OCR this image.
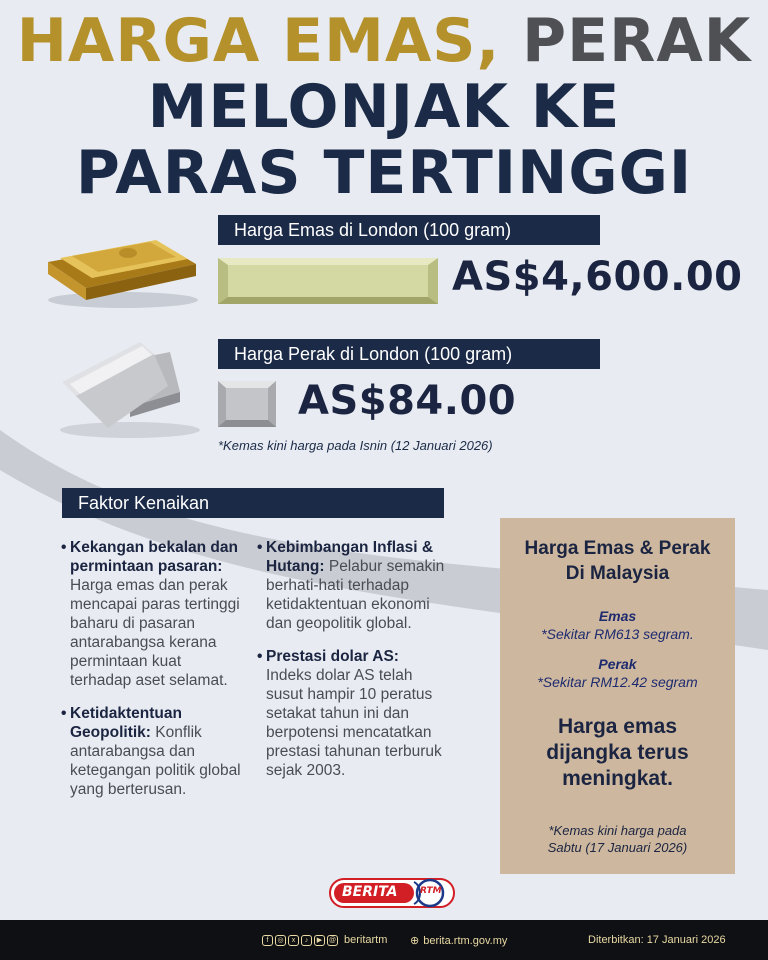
HARGA EMAS, PERAK
MELONJAK KE
PARAS TERTINGGI
Harga Emas di London (100 gram)
AS$4,600.00
Harga Perak di London (100 gram)
AS$84.00
*Kemas kini harga pada Isnin (12 Januari 2026)
Faktor Kenaikan
• Kekangan bekalan dan permintaan pasaran: Harga emas dan perak mencapai paras tertinggi baharu di pasaran antarabangsa kerana permintaan kuat terhadap aset selamat.
• Ketidaktentuan Geopolitik: Konflik antarabangsa dan ketegangan politik global yang berterusan.
• Kebimbangan Inflasi & Hutang: Pelabur semakin berhati-hati terhadap ketidaktentuan ekonomi dan geopolitik global.
• Prestasi dolar AS: Indeks dolar AS telah susut hampir 10 peratus setakat tahun ini dan berpotensi mencatatkan prestasi tahunan terburuk sejak 2003.
Harga Emas & Perak Di Malaysia
Emas
*Sekitar RM613 segram.
Perak
*Sekitar RM12.42 segram
Harga emas dijangka terus meningkat.
*Kemas kini harga pada Sabtu (17 Januari 2026)
BERITA RTM
f	◎	x	♪	▶ @ beritartm ⊕ berita.rtm.gov.my	Diterbitkan: 17 Januari 2026
